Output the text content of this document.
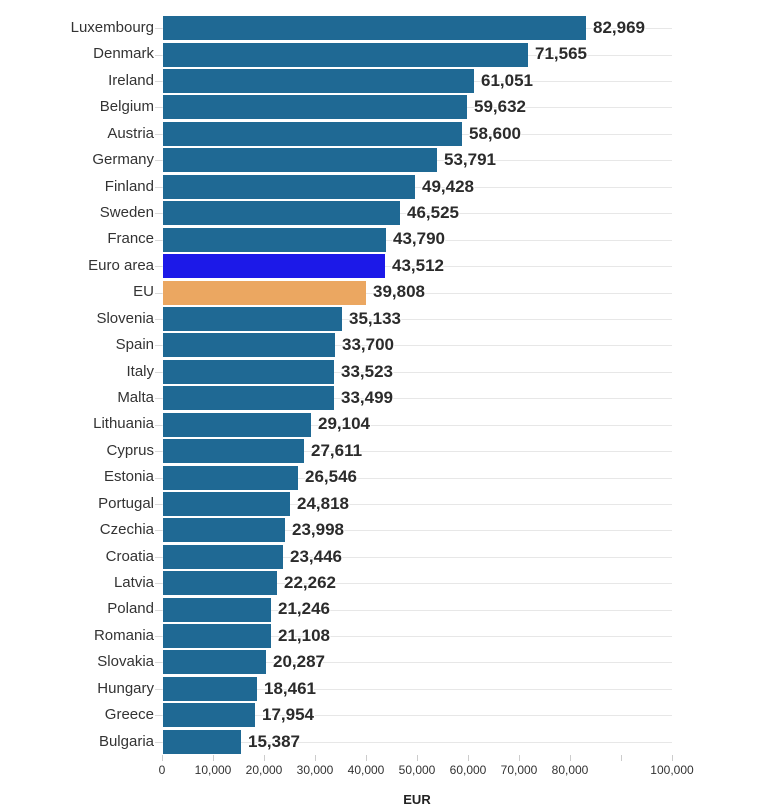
Luxembourg	82,969
Denmark	71,565
Ireland	61,051
Belgium	59,632
Austria	58,600
Germany	53,791
Finland	49,428
Sweden	46,525
France	43,790
Euro area	43,512
EU	39,808
Slovenia	35,133
Spain	33,700
Italy	33,523
Malta	33,499
Lithuania	29,104
Cyprus	27,611
Estonia	26,546
Portugal	24,818
Czechia	23,998
Croatia	23,446
Latvia	22,262
Poland	21,246
Romania	21,108
Slovakia	20,287
Hungary	18,461
Greece	17,954
Bulgaria	15,387
0	10,000	20,000	30,000	40,000	50,000	60,000	70,000	80,000	100,000
EUR
